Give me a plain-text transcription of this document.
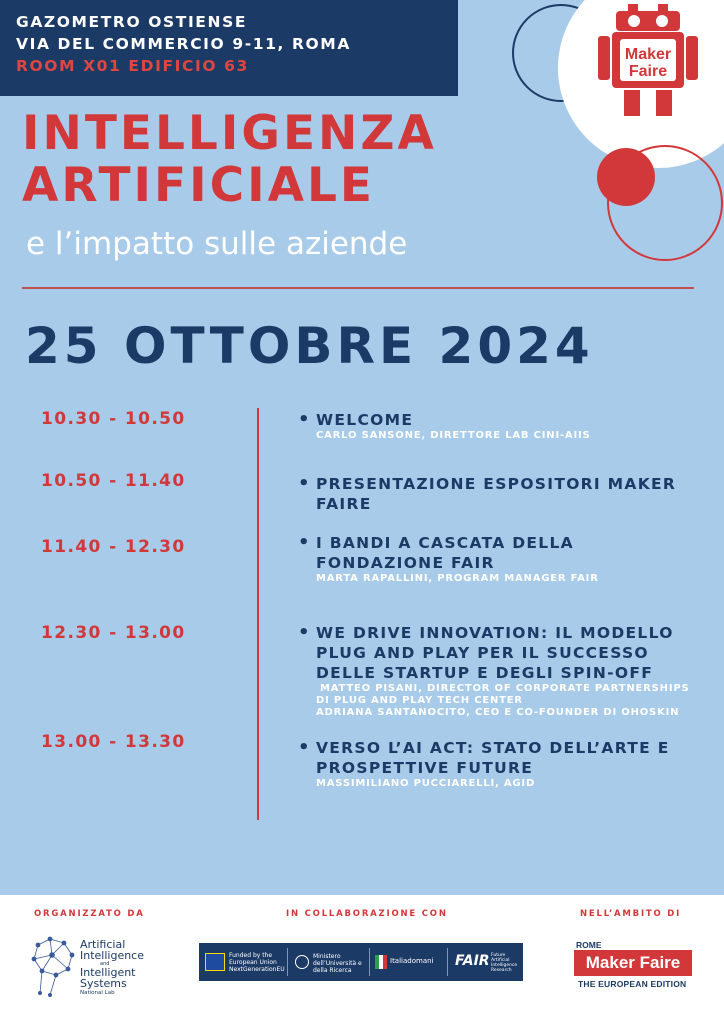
Maker
Faire
GAZOMETRO OSTIENSE
VIA DEL COMMERCIO 9-11, ROMA
ROOM X01 EDIFICIO 63
INTELLIGENZA
ARTIFICIALE
e l’impatto sulle aziende
25 OTTOBRE 2024
10.30 - 10.50	• WELCOME
CARLO SANSONE, DIRETTORE LAB CINI-AIIS
10.50 - 11.40	• PRESENTAZIONE ESPOSITORI MAKER FAIRE
11.40 - 12.30	• I BANDI A CASCATA DELLA FONDAZIONE FAIR
MARTA RAPALLINI, PROGRAM MANAGER FAIR
12.30 - 13.00	• WE DRIVE INNOVATION: IL MODELLO PLUG AND PLAY PER IL SUCCESSO DELLE STARTUP E DEGLI SPIN-OFF
MATTEO PISANI, DIRECTOR OF CORPORATE PARTNERSHIPS
DI PLUG AND PLAY TECH CENTER
ADRIANA SANTANOCITO, CEO E CO-FOUNDER DI OHOSKIN
13.00 - 13.30	• VERSO L’AI ACT: STATO DELL’ARTE E PROSPETTIVE FUTURE
MASSIMILIANO PUCCIARELLI, AGID
ORGANIZZATO DA	IN COLLABORAZIONE CON	NELL’AMBITO DI
Artificial
Intelligence
and
Intelligent
Systems
National Lab
Funded by the European Union NextGenerationEU
Ministero dell’Università e della Ricerca
Italiadomani FAIR Future Artificial Intelligence Research
ROME
Maker Faire
THE EUROPEAN EDITION
